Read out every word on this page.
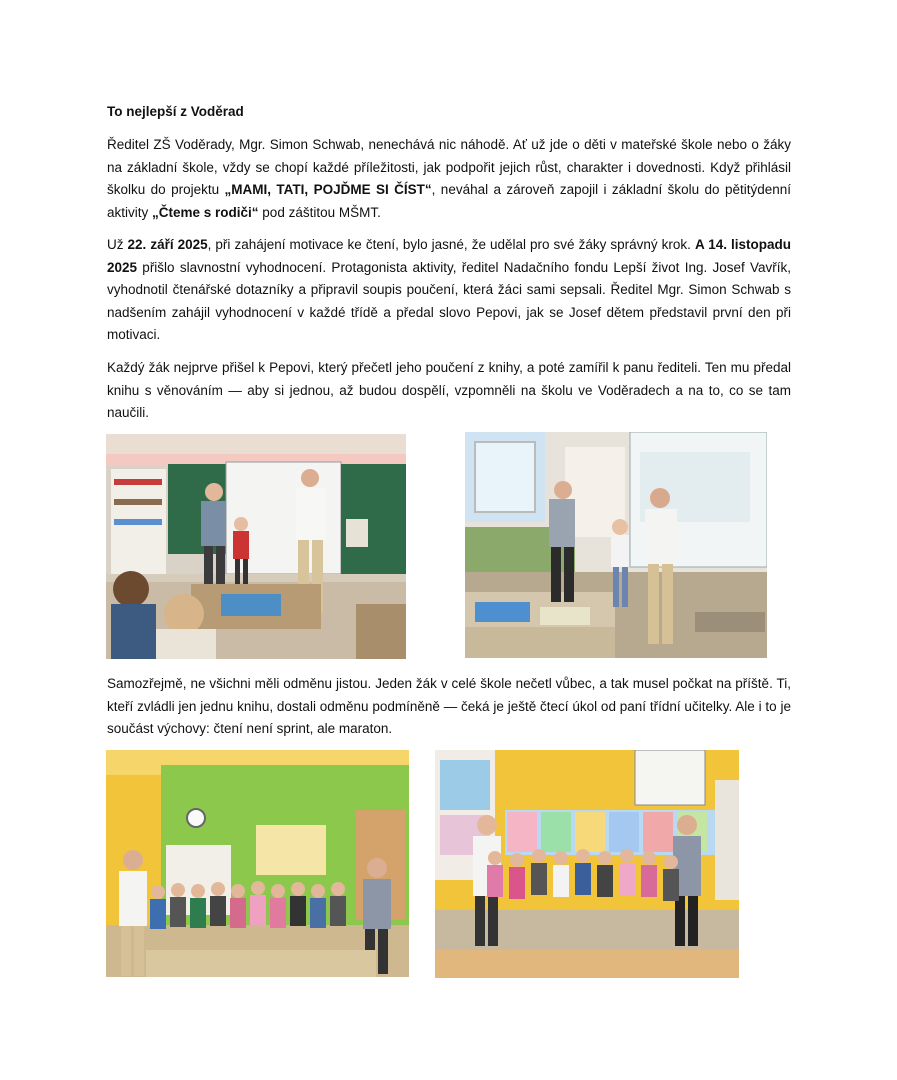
To nejlepší z Voděrad
Ředitel ZŠ Voděrady, Mgr. Simon Schwab, nenechává nic náhodě. Ať už jde o děti v mateřské škole nebo o žáky na základní škole, vždy se chopí každé příležitosti, jak podpořit jejich růst, charakter i dovednosti. Když přihlásil školku do projektu „MAMI, TATI, POJĎME SI ČÍST“, neváhal a zároveň zapojil i základní školu do pětitýdenní aktivity „Čteme s rodiči“ pod záštitou MŠMT.
Už 22. září 2025, při zahájení motivace ke čtení, bylo jasné, že udělal pro své žáky správný krok. A 14. listopadu 2025 přišlo slavnostní vyhodnocení. Protagonista aktivity, ředitel Nadačního fondu Lepší život Ing. Josef Vavřík, vyhodnotil čtenářské dotazníky a připravil soupis poučení, která žáci sami sepsali. Ředitel Mgr. Simon Schwab s nadšením zahájil vyhodnocení v každé třídě a předal slovo Pepovi, jak se Josef dětem představil první den při motivaci.
Každý žák nejprve přišel k Pepovi, který přečetl jeho poučení z knihy, a poté zamířil k panu řediteli. Ten mu předal knihu s věnováním — aby si jednou, až budou dospělí, vzpomněli na školu ve Voděradech a na to, co se tam naučili.
Samozřejmě, ne všichni měli odměnu jistou. Jeden žák v celé škole nečetl vůbec, a tak musel počkat na příště. Ti, kteří zvládli jen jednu knihu, dostali odměnu podmíněně — čeká je ještě čtecí úkol od paní třídní učitelky. Ale i to je součást výchovy: čtení není sprint, ale maraton.
